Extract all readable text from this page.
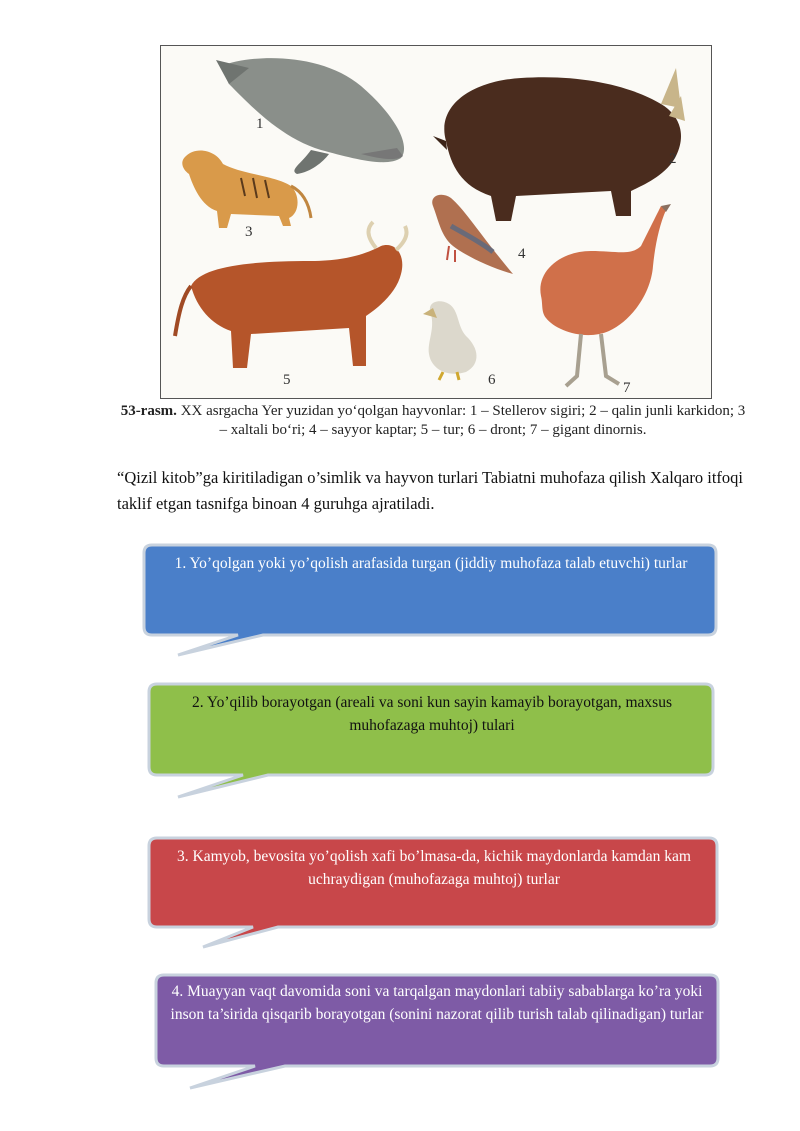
1
2
3
4
5	6	7
53-rasm. XX asrgacha Yer yuzidan yo‘qolgan hayvonlar: 1 – Stellerov sigiri; 2 – qalin junli karkidon; 3 – xaltali bo‘ri; 4 – sayyor kaptar; 5 – tur; 6 – dront; 7 – gigant dinornis.
“Qizil kitob”ga kiritiladigan o’simlik va hayvon turlari Tabiatni muhofaza qilish Xalqaro itfoqi taklif etgan tasnifga binoan 4 guruhga ajratiladi.
1. Yo’qolgan yoki yo’qolish arafasida turgan (jiddiy muhofaza talab etuvchi) turlar
2. Yo’qilib borayotgan (areali va soni kun sayin kamayib borayotgan, maxsus muhofazaga muhtoj) tulari
3. Kamyob, bevosita yo’qolish xafi bo’lmasa-da, kichik maydonlarda kamdan kam uchraydigan (muhofazaga muhtoj) turlar
4. Muayyan vaqt davomida soni va tarqalgan maydonlari tabiiy sabablarga ko’ra yoki inson ta’sirida qisqarib borayotgan (sonini nazorat qilib turish talab qilinadigan) turlar
